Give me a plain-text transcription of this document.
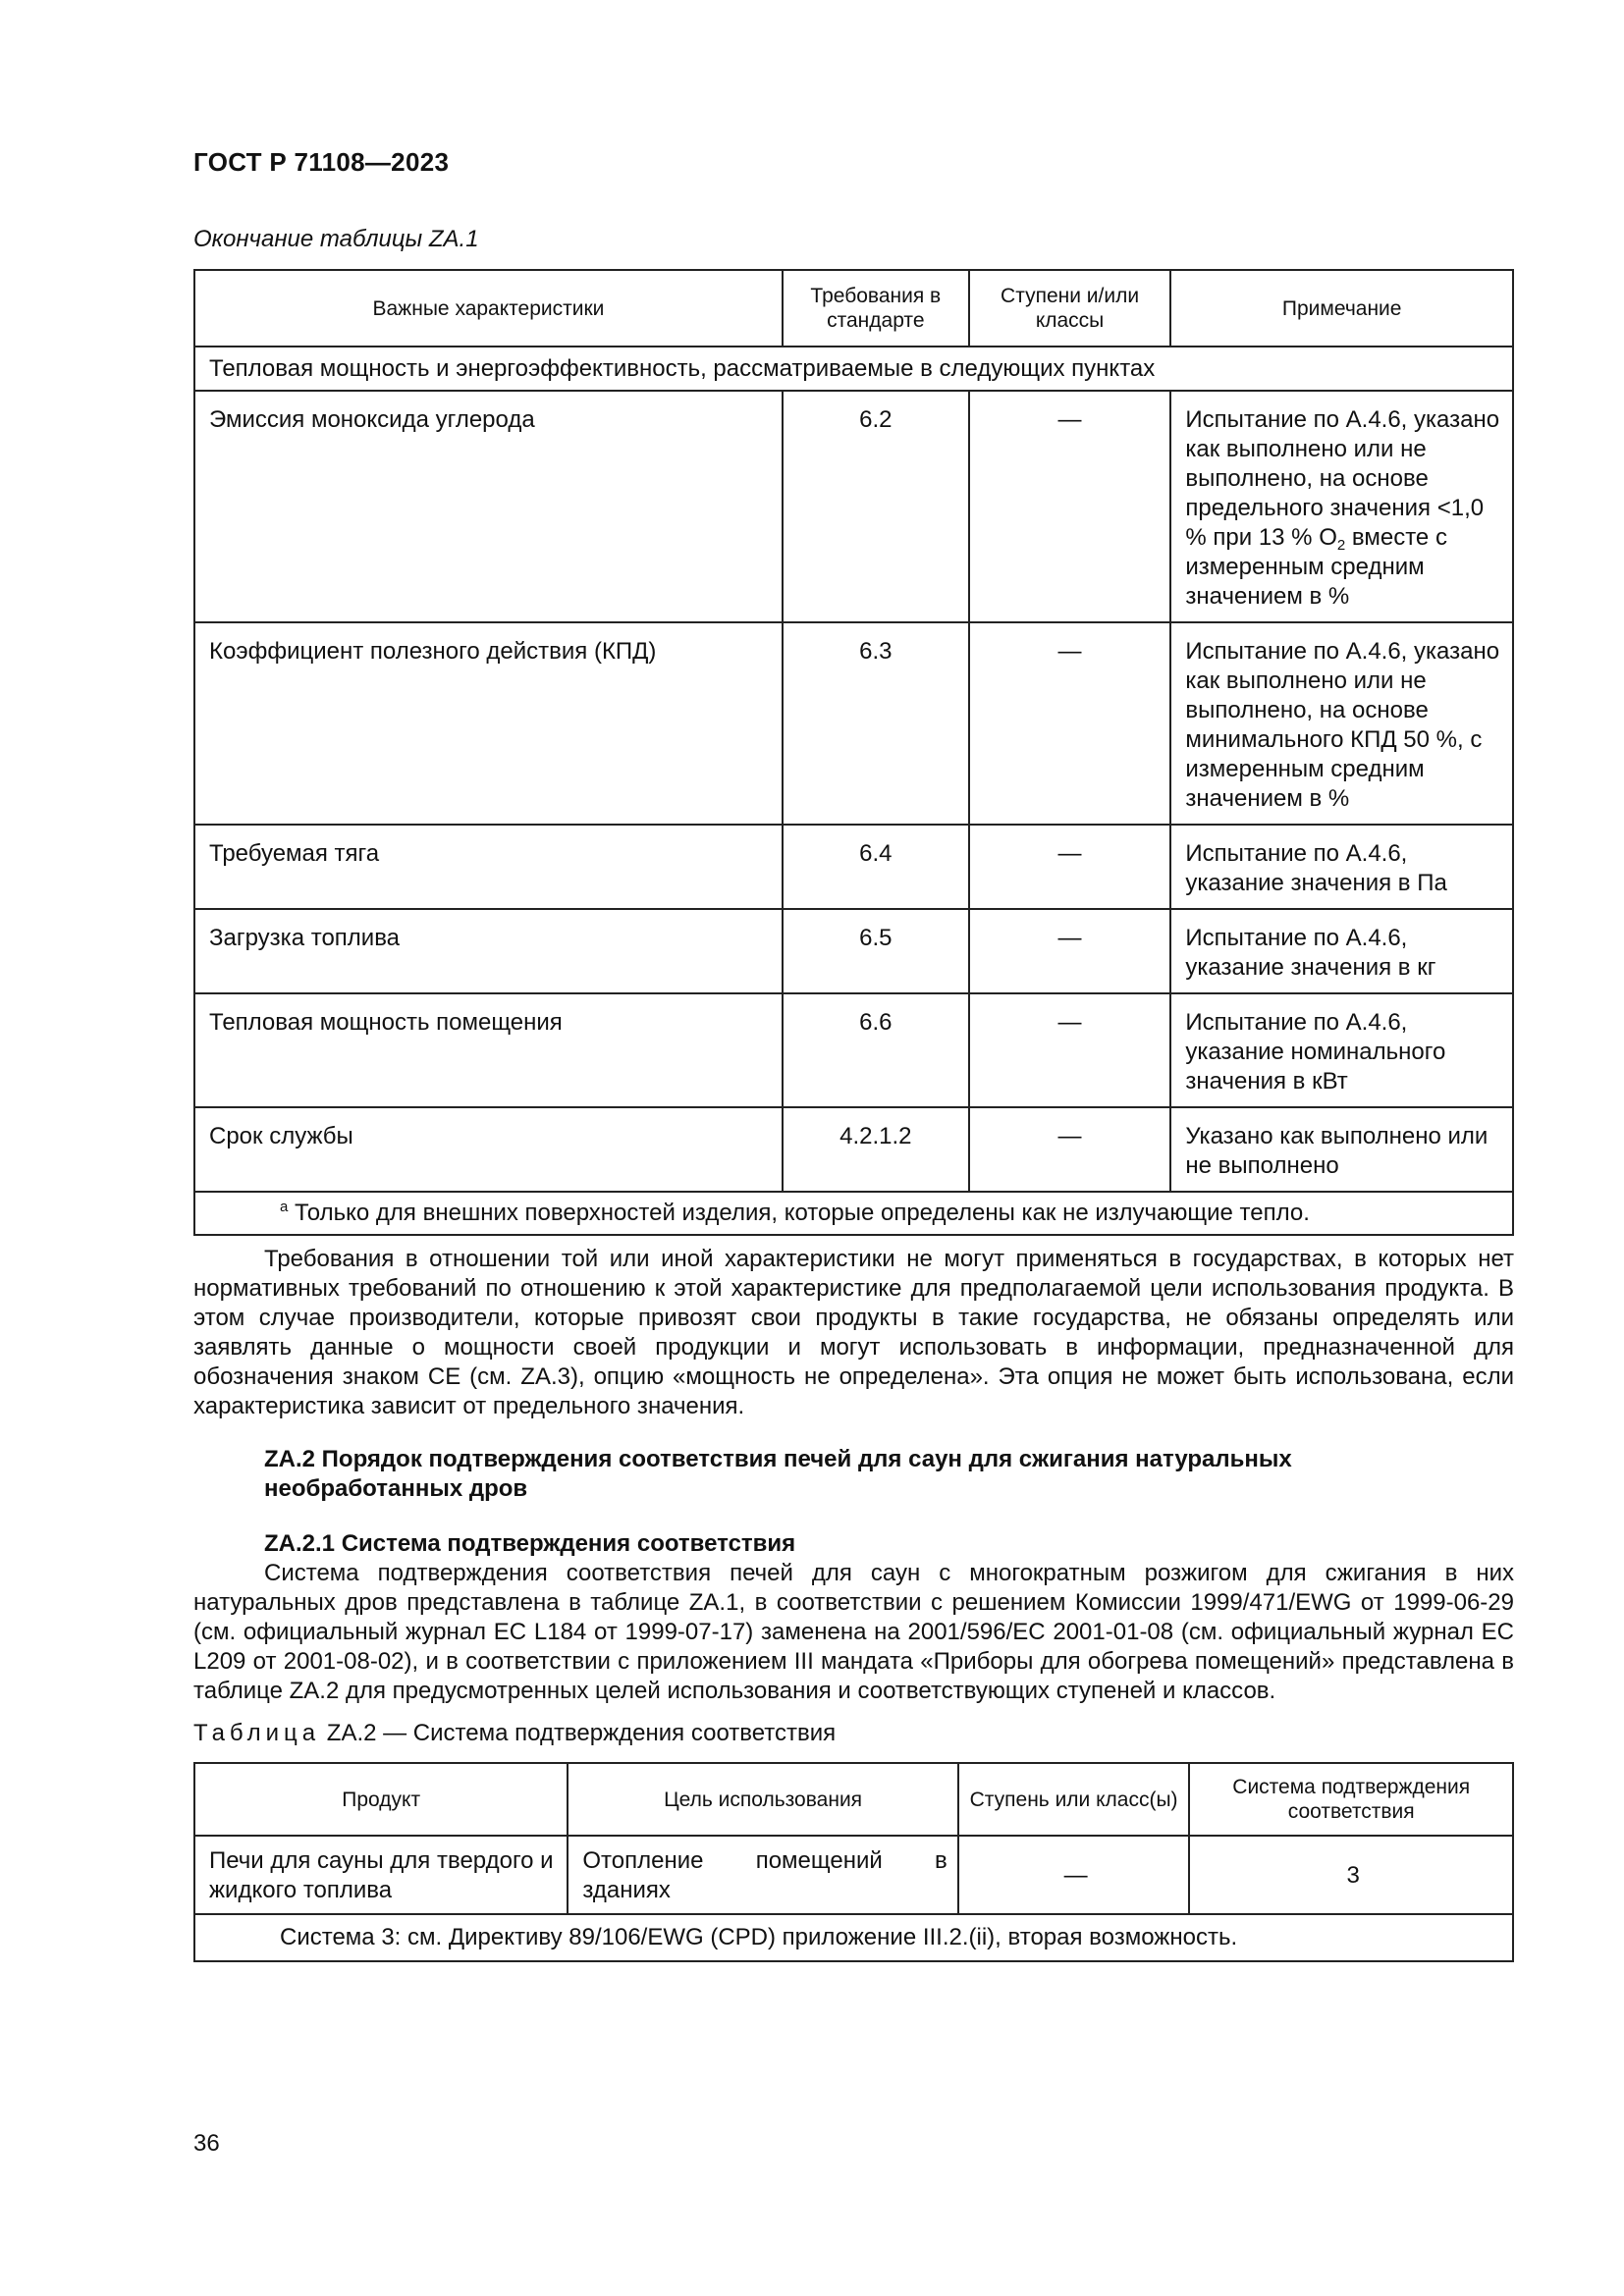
ГОСТ Р 71108—2023
Окончание таблицы ZA.1
Важные характеристики	Требования в стандарте	Ступени и/или классы	Примечание
Тепловая мощность и энергоэффективность, рассматриваемые в следующих пунктах			
Эмиссия моноксида углерода	6.2	—	Испытание по А.4.6, указано как выполнено или не выполнено, на основе предельного значения <1,0 % при 13 % $O_2$ вместе с измеренным средним значением в %
Коэффициент полезного действия (КПД)	6.3	—	Испытание по А.4.6, указано как выполнено или не выполнено, на основе минимального КПД 50 %, с измеренным средним значением в %
Требуемая тяга	6.4	—	Испытание по А.4.6, указание значения в Па
Загрузка топлива	6.5	—	Испытание по А.4.6, указание значения в кг
Тепловая мощность помещения	6.6	—	Испытание по А.4.6, указание номинального значения в кВт
Срок службы	4.2.1.2	—	Указано как выполнено или не выполнено
$^а$ Только для внешних поверхностей изделия, которые определены как не излучающие тепло.			

Требования в отношении той или иной характеристики не могут применяться в государствах, в которых нет нормативных требований по отношению к этой характеристике для предполагаемой цели использования продукта. В этом случае производители, которые привозят свои продукты в такие государства, не обязаны определять или заявлять данные о мощности своей продукции и могут использовать в информации, предназначенной для обозначения знаком СЕ (см. ZA.3), опцию «мощность не определена». Эта опция не может быть использована, если характеристика зависит от предельного значения.

ZA.2 Порядок подтверждения соответствия печей для саун для сжигания натуральных необработанных дров
ZA.2.1 Система подтверждения соответствия

Система подтверждения соответствия печей для саун с многократным розжигом для сжигания в них натуральных дров представлена в таблице ZA.1, в соответствии с решением Комиссии 1999/471/EWG от 1999-06-29 (см. официальный журнал ЕС L184 от 1999-07-17) заменена на 2001/596/EC 2001-01-08 (см. официальный журнал ЕС L209 от 2001-08-02), и в соответствии с приложением III мандата «Приборы для обогрева помещений» представлена в таблице ZA.2 для предусмотренных целей использования и соответствующих ступеней и классов.

Таблица ZA.2 — Система подтверждения соответствия
Продукт	Цель использования	Ступень или класс(ы)	Система подтверждения соответствия
Печи для сауны для твердого и жидкого топлива	Отопление помещений в зданиях	—	3
Система 3: см. Директиву 89/106/EWG (CPD) приложение III.2.(ii), вторая возможность.			
36
